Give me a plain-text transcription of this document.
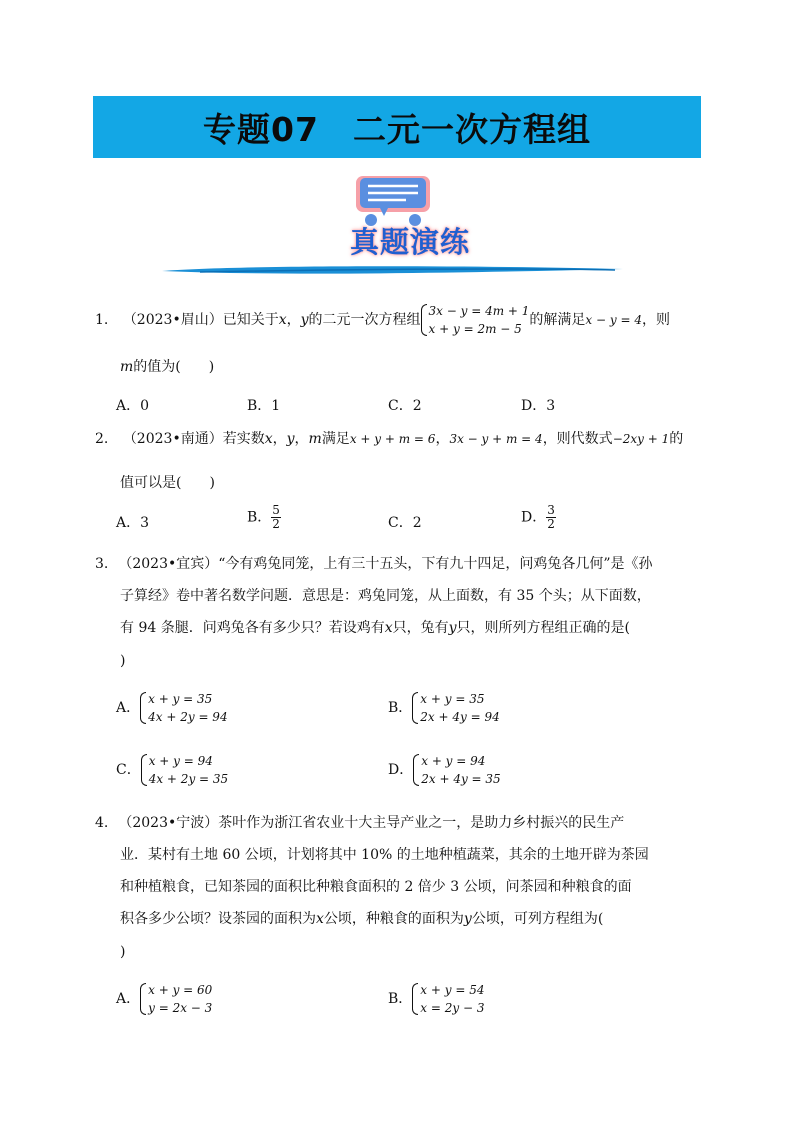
专题07　二元一次方程组
真题演练
1. （2023•眉山）已知关于x，y的二元一次方程组
3x − y = 4m + 1
x + y = 2m − 5
的解满足x − y = 4，则
m的值为(　　)
A．0	B．1	C．2	D．3
2. （2023•南通）若实数x，y，m满足x + y + m = 6，3x − y + m = 4，则代数式−2xy + 1的
值可以是(　　)
A．3	B． $\frac{5}{2}$	C．2	D． $\frac{3}{2}$
3. （2023•宜宾）“今有鸡兔同笼，上有三十五头，下有九十四足，问鸡兔各几何”是《孙
子算经》卷中著名数学问题．意思是：鸡兔同笼，从上面数，有 35 个头；从下面数，
有 94 条腿．问鸡兔各有多少只？若设鸡有x只，兔有y只，则所列方程组正确的是(
)
A．
x + y = 35
4x + 2y = 94
B．
x + y = 35
2x + 4y = 94
C．
x + y = 94
4x + 2y = 35
D．
x + y = 94
2x + 4y = 35
4. （2023•宁波）茶叶作为浙江省农业十大主导产业之一，是助力乡村振兴的民生产
业．某村有土地 60 公顷，计划将其中 10% 的土地种植蔬菜，其余的土地开辟为茶园
和种植粮食，已知茶园的面积比种粮食面积的 2 倍少 3 公顷，问茶园和种粮食的面
积各多少公顷？设茶园的面积为x公顷，种粮食的面积为y公顷，可列方程组为(
)
A．
x + y = 60
y = 2x − 3
B．
x + y = 54
x = 2y − 3
